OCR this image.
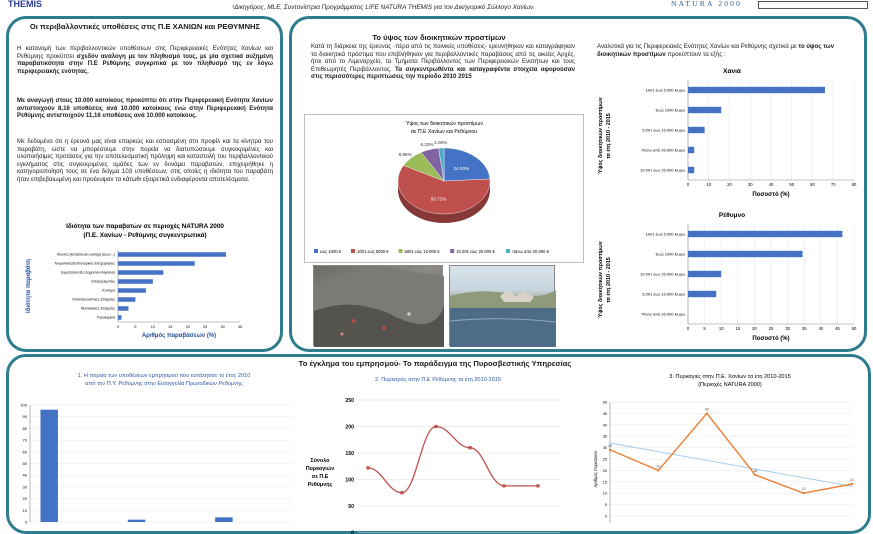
THEMIS	¹Δικηγόρος, MLE, Συντονίστρια Προγράμματος LIFE NATURA THEMIS για τον Δικηγορικό Σύλλογο Χανίων.	NATURA 2000
Οι περιβαλλοντικές υποθέσεις στις Π.Ε ΧΑΝΙΩΝ και ΡΕΘΥΜΝΗΣ
Η κατανομή των περιβαλλοντικών υποθέσεων στις Περιφερειακές Ενότητες Χανίων και Ρεθύμνης προκύπτει σχεδόν ανάλογη με τον πληθυσμό τους, με μία σχετικά αυξημένη παραβατικότητα στην Π.Ε Ρεθύμνης συγκριτικά με τον πληθυσμό της εν λόγω περιφερειακής ενότητας.
Με αναγωγή στους 10.000 κατοίκους προκύπτει ότι στην Περιφερειακή Ενότητα Χανίων αντιστοιχούν 8,16 υποθέσεις ανά 10.000 κατοίκους ενώ στην Περιφερειακή Ενότητα Ρεθύμνης αντιστοιχούν 11,16 υποθέσεις ανά 10.000 κατοίκους.
Με δεδομένο ότι η έρευνά μας είναι επαρκώς και εστιασμένη στο προφίλ και τα κίνητρα του παραβάτη, ώστε να μπορέσουμε στην πορεία να διατυπώσουμε συγκεκριμένες και υλοποιήσιμες προτάσεις για την αποτελεσματική πρόληψη και καταστολή του περιβαλλοντικού εγκλήματος στις συγκεκριμένες ομάδες των εν δυνάμει παραβατών, επιχειρήθηκε η κατηγοριοποίησή τους σε ένα δείγμα 103 υποθέσεων, στις οποίες η ιδιότητα του παραβάτη ήταν επιβεβαιωμένη και προέκυψαν τα κάτωθι εξαιρετικά ενδιαφέροντα αποτελέσματα.
Ιδιότητα των παραβατών σε περιοχές NATURA 2000
(Π.Ε. Χανίων - Ρεθύμνης συγκεντρωτικά)
Ιδιώτες (κατασκευές-κατοχή ζώων...)
Τουριστικές/Εστιατορικές Επιχειρήσεις
Εκμεταλλευτές Δημόσιου Αιγιαλού
Επαγγελματίες
Κυνηγοί
Κατασκευαστικές Εταιρείες
Ναυτιλιακές Εταιρείες
Τυροκομεία
0	5	10	15	20	25	30	35
Αριθμός παραβάσεων (%)
Ιδιότητα παραβάτη
Το ύψος των διοικητικών προστίμων
Κατά τη διάρκεια της έρευνας -πέρα από τις ποινικές υποθέσεις- ερευνήθηκαν και καταγράφηκαν τα διοικητικά πρόστιμα που επιβλήθηκαν για περιβαλλοντικές παραβάσεις από τις οικείες Αρχές, ήτοι από το Λιμεναρχείο, τα Τμήματα Περιβάλλοντος των Περιφερειακών Ενοτήτων και τους Επιθεωρητές Περιβάλλοντος. Τα συγκεντρωθέντα και καταγραφέντα στοιχεία αφορούσαν στις περισσότερες περιπτώσεις την περίοδο 2010 2015
Αναλυτικά για τις Περιφερειακές Ενότητες Χανίων και Ρεθύμνης σχετικά με το ύψος των διοικητικών προστίμων προκύπτουν τα εξής :
Ύψος των διοικητικών προστίμων
σε Π.Ε Χανίων και Ρεθύμνου
24.00%
58.72%
8.86%
6.33% 1.90%
εώς 1000 €	1001 εώς 5000 €	5001 εώς 10.000 €	10.001 εώς 20.000 €	πάνω από 20.000 €
Χανιά
0	10	20	30	40	50	60	70	80
1001 έως 5.000 Ευρώ
Έως 1000 Ευρώ
5.001 έως 10.000 Ευρώ
Πάνω από 20.000 Ευρώ
10.001 έως 20.000 Ευρώ
Ποσοστό (%)
Ύψος διοικητικών προστίμων τα έτη 2010 - 2015
Ρέθυμνο
0	5	10	15	20	25	30	35	40	45	50
1001 έως 5.000 Ευρώ
Έως 1000 Ευρώ
10.001 έως 20.000 Ευρώ
5.001 έως 10.000 Ευρώ
Πάνω από 20.000 Ευρώ
Ποσοστό (%)
Ύψος διοικητικών προστίμων τα έτη 2010 - 2015
Το έγκλημα του εμπρησμού- Το παράδειγμα της Πυροσβεστικής Υπηρεσίας
1. Η πορεία των υποθέσεων εμπρησμού που εστάλησαν το έτος 2010
από την Π.Υ. Ρεθύμνης στην Εισαγγελία Πρωτοδικών Ρεθύμνης
0
10
20
30
40
50
60
70
80
90
100
2. Πυρκαγιές στην Π.Ε Ρεθύμνης τα έτη 2010-2015
0
50
100
150
200
250
Σύνολο
Πυρκαγιών
σε Π.Ε
Ρεθύμνης
3. Πυρκαγιές στην Π.Ε. Χανίων τα έτη 2010-2015
(Περιοχές NATURA 2000)
0
5
10
15
20
25
30
35
40
45
50
29
20
45
18
10
14
Αριθμός πυρκαγιών
